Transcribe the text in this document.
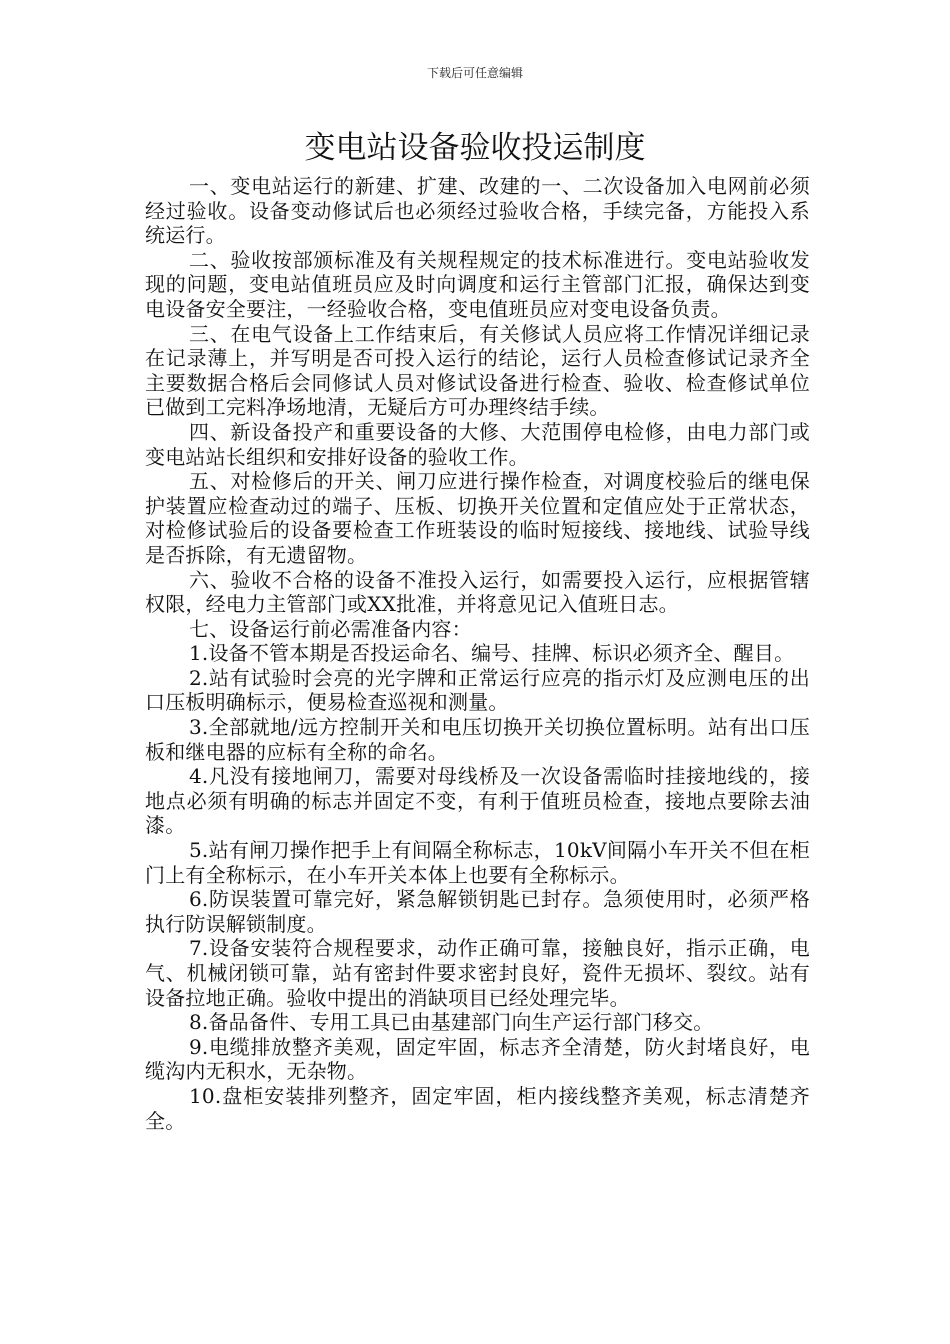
下载后可任意编辑
变电站设备验收投运制度

一、变电站运行的新建、扩建、改建的一、二次设备加入电网前必须经过验收。设备变动修试后也必须经过验收合格，手续完备，方能投入系统运行。

二、验收按部颁标准及有关规程规定的技术标准进行。变电站验收发现的问题，变电站值班员应及时向调度和运行主管部门汇报，确保达到变电设备安全要注，一经验收合格，变电值班员应对变电设备负责。

三、在电气设备上工作结束后，有关修试人员应将工作情况详细记录在记录薄上，并写明是否可投入运行的结论，运行人员检查修试记录齐全主要数据合格后会同修试人员对修试设备进行检查、验收、检查修试单位已做到工完料净场地清，无疑后方可办理终结手续。

四、新设备投产和重要设备的大修、大范围停电检修，由电力部门或变电站站长组织和安排好设备的验收工作。

五、对检修后的开关、闸刀应进行操作检查，对调度校验后的继电保护装置应检查动过的端子、压板、切换开关位置和定值应处于正常状态，对检修试验后的设备要检查工作班装设的临时短接线、接地线、试验导线是否拆除，有无遗留物。

六、验收不合格的设备不准投入运行，如需要投入运行，应根据管辖权限，经电力主管部门或XX批准，并将意见记入值班日志。

七、设备运行前必需准备内容：

1.设备不管本期是否投运命名、编号、挂牌、标识必须齐全、醒目。

2.站有试验时会亮的光字牌和正常运行应亮的指示灯及应测电压的出口压板明确标示，便易检查巡视和测量。

3.全部就地/远方控制开关和电压切换开关切换位置标明。站有出口压板和继电器的应标有全称的命名。

4.凡没有接地闸刀，需要对母线桥及一次设备需临时挂接地线的，接地点必须有明确的标志并固定不变，有利于值班员检查，接地点要除去油漆。

5.站有闸刀操作把手上有间隔全称标志，10kV间隔小车开关不但在柜门上有全称标示，在小车开关本体上也要有全称标示。

6.防误装置可靠完好，紧急解锁钥匙已封存。急须使用时，必须严格执行防误解锁制度。

7.设备安装符合规程要求，动作正确可靠，接触良好，指示正确，电气、机械闭锁可靠，站有密封件要求密封良好，瓷件无损坏、裂纹。站有设备拉地正确。验收中提出的消缺项目已经处理完毕。

8.备品备件、专用工具已由基建部门向生产运行部门移交。

9.电缆排放整齐美观，固定牢固，标志齐全清楚，防火封堵良好，电缆沟内无积水，无杂物。

10.盘柜安装排列整齐，固定牢固，柜内接线整齐美观，标志清楚齐全。
